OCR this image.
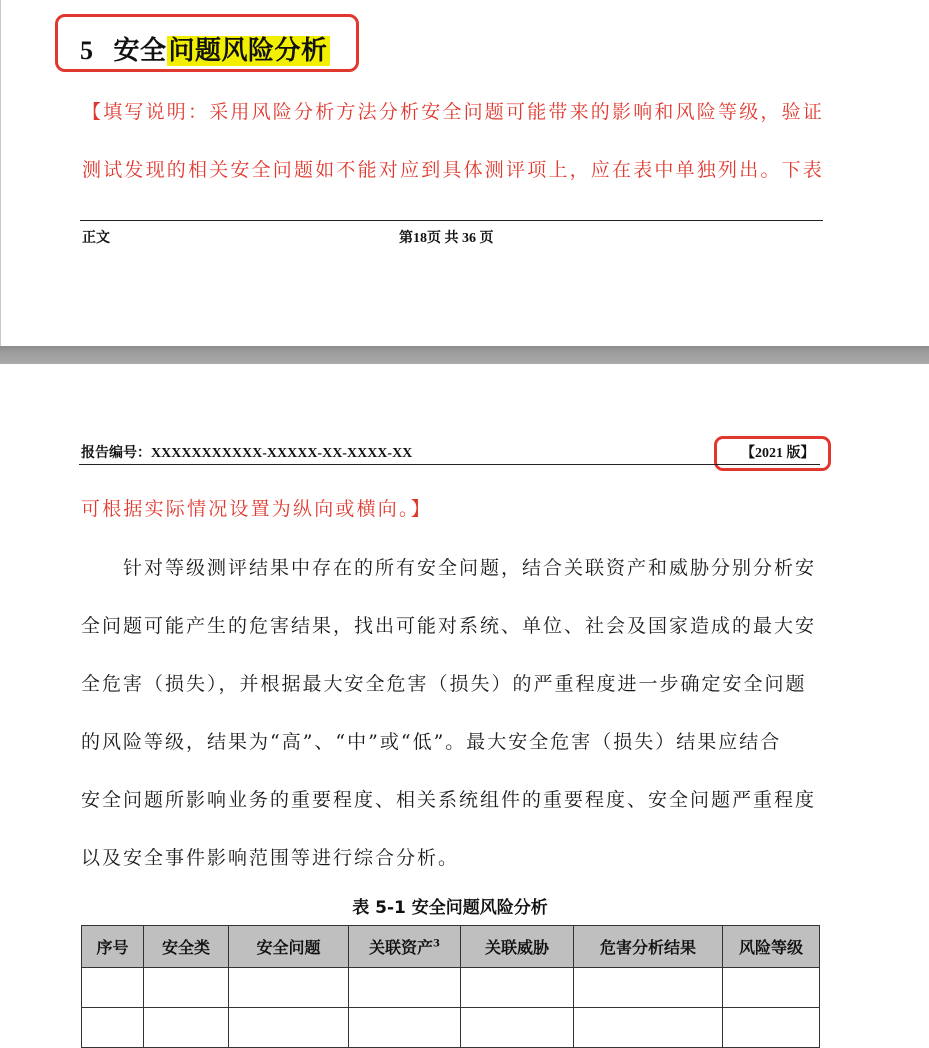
5 安全问题风险分析
【填写说明：采用风险分析方法分析安全问题可能带来的影响和风险等级，验证
测试发现的相关安全问题如不能对应到具体测评项上，应在表中单独列出。下表
正文	第18页 共 36 页
报告编号：XXXXXXXXXXX-XXXXX-XX-XXXX-XX	【2021 版】
可根据实际情况设置为纵向或横向。】
　　针对等级测评结果中存在的所有安全问题，结合关联资产和威胁分别分析安
全问题可能产生的危害结果，找出可能对系统、单位、社会及国家造成的最大安
全危害（损失），并根据最大安全危害（损失）的严重程度进一步确定安全问题
的风险等级，结果为“高”、“中”或“低”。最大安全危害（损失）结果应结合
安全问题所影响业务的重要程度、相关系统组件的重要程度、安全问题严重程度
以及安全事件影响范围等进行综合分析。
表 5-1 安全问题风险分析
序号	安全类	安全问题	关联资产$^3$	关联威胁	危害分析结果	风险等级
